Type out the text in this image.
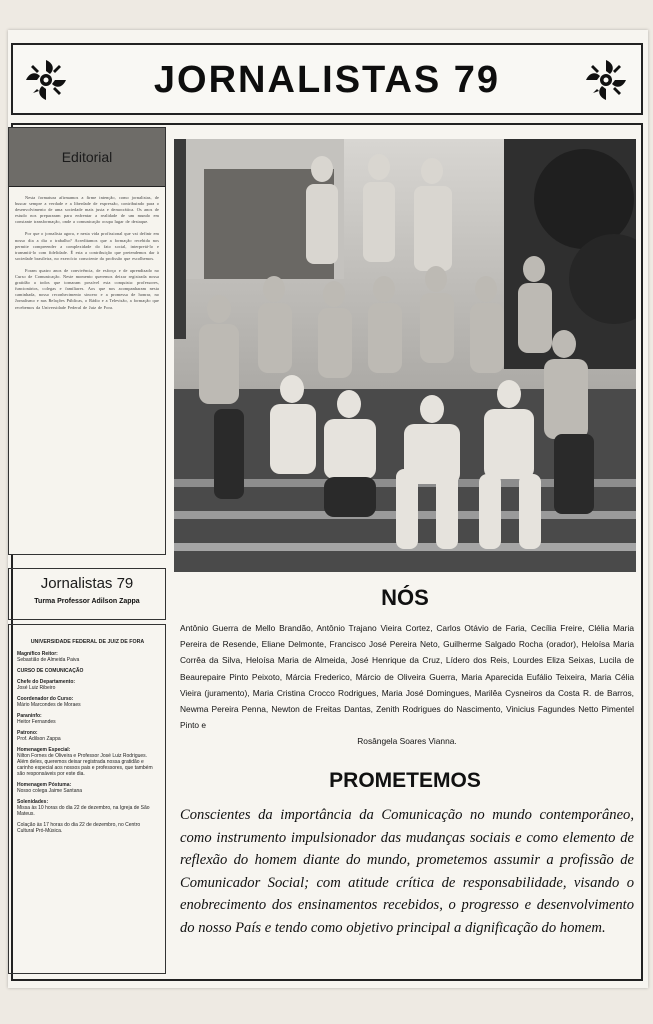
JORNALISTAS 79
Editorial

Nesta formatura afirmamos a firme intenção, como jornalistas, de buscar sempre a verdade e a liberdade de expressão, contribuindo para o desenvolvimento de uma sociedade mais justa e democrática. Os anos de estudo nos prepararam para enfrentar a realidade de um mundo em constante transformação, onde a comunicação ocupa lugar de destaque.

Por que o jornalista agora, e nesta vida profissional que vai definir em nosso dia a dia o trabalho? Acreditamos que a formação recebida nos permite compreender a complexidade do fato social, interpretá-lo e transmiti-lo com fidelidade. É esta a contribuição que pretendemos dar à sociedade brasileira, no exercício consciente da profissão que escolhemos.

Foram quatro anos de convivência, de esforço e de aprendizado no Curso de Comunicação. Neste momento queremos deixar registrada nossa gratidão a todos que tornaram possível esta conquista: professores, funcionários, colegas e familiares. Aos que nos acompanharam nesta caminhada, nosso reconhecimento sincero e a promessa de honrar, no Jornalismo e nas Relações Públicas, o Rádio e a Televisão, a formação que recebemos da Universidade Federal de Juiz de Fora.

Jornalistas 79
Turma Professor Adilson Zappa
UNIVERSIDADE FEDERAL DE JUIZ DE FORA
Magnífico Reitor:
Sebastião de Almeida Paiva
CURSO DE COMUNICAÇÃO
Chefe do Departamento:
José Luiz Ribeiro
Coordenador do Curso:
Mário Marcondes de Moraes
Paraninfo:
Heitor Fernandes
Patrono:
Prof. Adilson Zappa
Homenagem Especial:
Nilton Fornes de Oliveira e Professor José Luiz Rodrigues. Além deles, queremos deixar registrada nossa gratidão e carinho especial aos nossos pais e professores, que também são responsáveis por este dia.
Homenagem Póstuma:
Nosso colega Jaime Santana
Solenidades:
Missa às 10 horas do dia 22 de dezembro, na Igreja de São Mateus.
Colação às 17 horas do dia 22 de dezembro, no Centro Cultural Pró-Música.
NÓS
Antônio Guerra de Mello Brandão, Antônio Trajano Vieira Cortez, Carlos Otávio de Faria, Cecília Freire, Clélia Maria Pereira de Resende, Eliane Delmonte, Francisco José Pereira Neto, Guilherme Salgado Rocha (orador), Heloísa Maria Corrêa da Silva, Heloísa Maria de Almeida, José Henrique da Cruz, Lídero dos Reis, Lourdes Eliza Seixas, Lucila de Beaurepaire Pinto Peixoto, Márcia Frederico, Márcio de Oliveira Guerra, Maria Aparecida Eufálio Teixeira, Maria Célia Vieira (juramento), Maria Cristina Crocco Rodrigues, Maria José Domingues, Marilêa Cysneiros da Costa R. de Barros, Newma Pereira Penna, Newton de Freitas Dantas, Zenith Rodrigues do Nascimento, Vinicius Fagundes Netto Pimentel Pinto e
Rosângela Soares Vianna.
PROMETEMOS
Conscientes da importância da Comunicação no mundo contemporâneo, como instrumento impulsionador das mudanças sociais e como elemento de reflexão do homem diante do mundo, prometemos assumir a profissão de Comunicador Social; com atitude crítica de responsabilidade, visando o enobrecimento dos ensinamentos recebidos, o progresso e desenvolvimento do nosso País e tendo como objetivo principal a dignificação do homem.
